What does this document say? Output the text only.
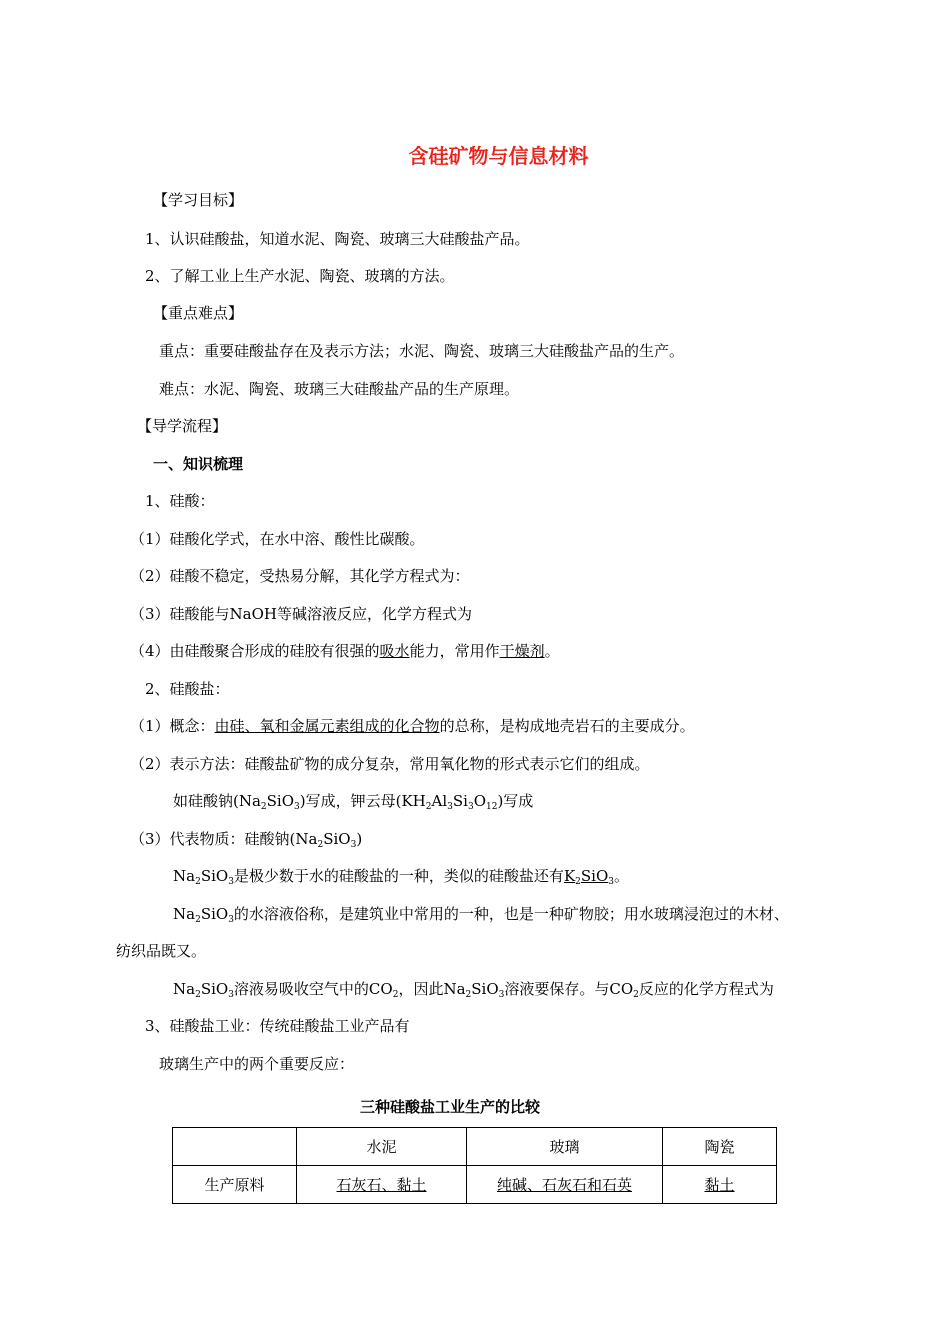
含硅矿物与信息材料
【学习目标】
1、认识硅酸盐，知道水泥、陶瓷、玻璃三大硅酸盐产品。
2、了解工业上生产水泥、陶瓷、玻璃的方法。
【重点难点】
重点：重要硅酸盐存在及表示方法；水泥、陶瓷、玻璃三大硅酸盐产品的生产。
难点：水泥、陶瓷、玻璃三大硅酸盐产品的生产原理。
【导学流程】
一、知识梳理
1、硅酸：
（1）硅酸化学式，在水中溶、酸性比碳酸。
（2）硅酸不稳定，受热易分解，其化学方程式为：
（3）硅酸能与NaOH等碱溶液反应，化学方程式为
（4）由硅酸聚合形成的硅胶有很强的吸水能力，常用作干燥剂。
2、硅酸盐：
（1）概念：由硅、氧和金属元素组成的化合物的总称，是构成地壳岩石的主要成分。
（2）表示方法：硅酸盐矿物的成分复杂，常用氧化物的形式表示它们的组成。
如硅酸钠$(Na_2SiO_3)$写成，钾云母$(KH_2Al_3Si_3O_{12})$写成
（3）代表物质：硅酸钠$(Na_2SiO_3)$
$Na_2SiO_3$是极少数于水的硅酸盐的一种，类似的硅酸盐还有$K_2SiO_3$。
$Na_2SiO_3$的水溶液俗称，是建筑业中常用的一种，也是一种矿物胶；用水玻璃浸泡过的木材、
纺织品既又。
$Na_2SiO_3$溶液易吸收空气中的$CO_2$，因此$Na_2SiO_3$溶液要保存。与$CO_2$反应的化学方程式为
3、硅酸盐工业：传统硅酸盐工业产品有
玻璃生产中的两个重要反应：
三种硅酸盐工业生产的比较
	水泥	玻璃	陶瓷
生产原料	石灰石、黏土	纯碱、石灰石和石英	黏土
